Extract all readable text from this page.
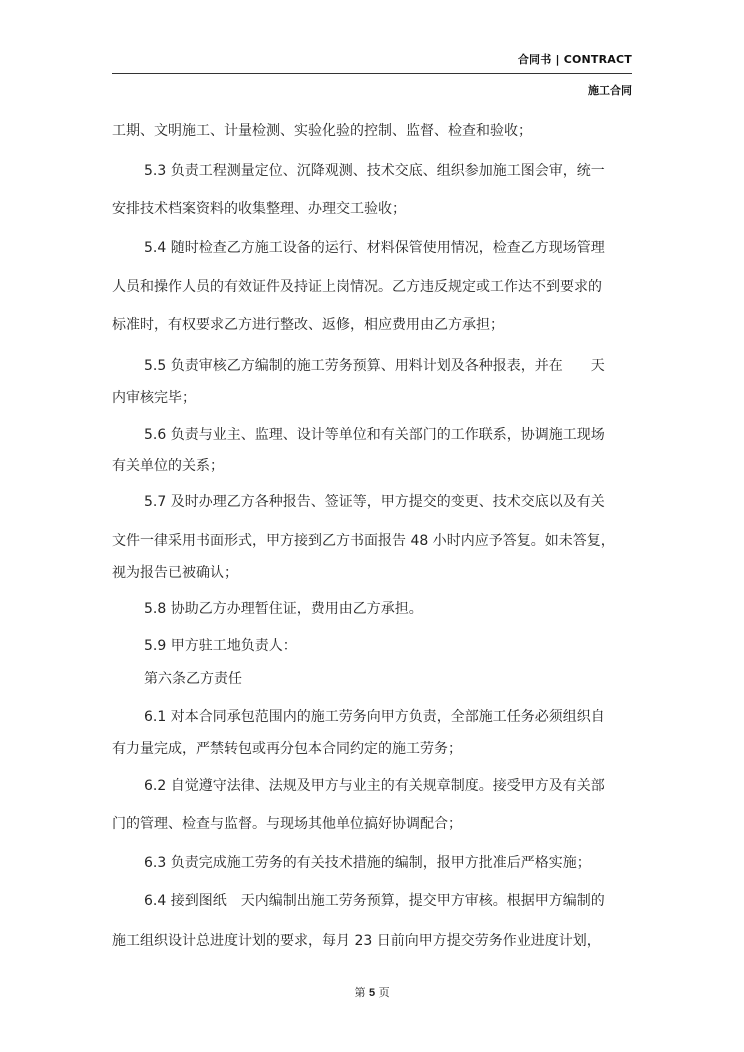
合同书 | CONTRACT
施工合同
工期、文明施工、计量检测、实验化验的控制、监督、检查和验收；
5.3 负责工程测量定位、沉降观测、技术交底、组织参加施工图会审，统一
安排技术档案资料的收集整理、办理交工验收；
5.4 随时检查乙方施工设备的运行、材料保管使用情况，检查乙方现场管理
人员和操作人员的有效证件及持证上岗情况。乙方违反规定或工作达不到要求的
标准时，有权要求乙方进行整改、返修，相应费用由乙方承担；
5.5 负责审核乙方编制的施工劳务预算、用料计划及各种报表，并在　　天
内审核完毕；
5.6 负责与业主、监理、设计等单位和有关部门的工作联系，协调施工现场
有关单位的关系；
5.7 及时办理乙方各种报告、签证等，甲方提交的变更、技术交底以及有关
文件一律采用书面形式，甲方接到乙方书面报告 48 小时内应予答复。如未答复，
视为报告已被确认；
5.8 协助乙方办理暂住证，费用由乙方承担。
5.9 甲方驻工地负责人：
第六条乙方责任
6.1 对本合同承包范围内的施工劳务向甲方负责，全部施工任务必须组织自
有力量完成，严禁转包或再分包本合同约定的施工劳务；
6.2 自觉遵守法律、法规及甲方与业主的有关规章制度。接受甲方及有关部
门的管理、检查与监督。与现场其他单位搞好协调配合；
6.3 负责完成施工劳务的有关技术措施的编制，报甲方批准后严格实施；
6.4 接到图纸　天内编制出施工劳务预算，提交甲方审核。根据甲方编制的
施工组织设计总进度计划的要求，每月 23 日前向甲方提交劳务作业进度计划，
第 5 页
